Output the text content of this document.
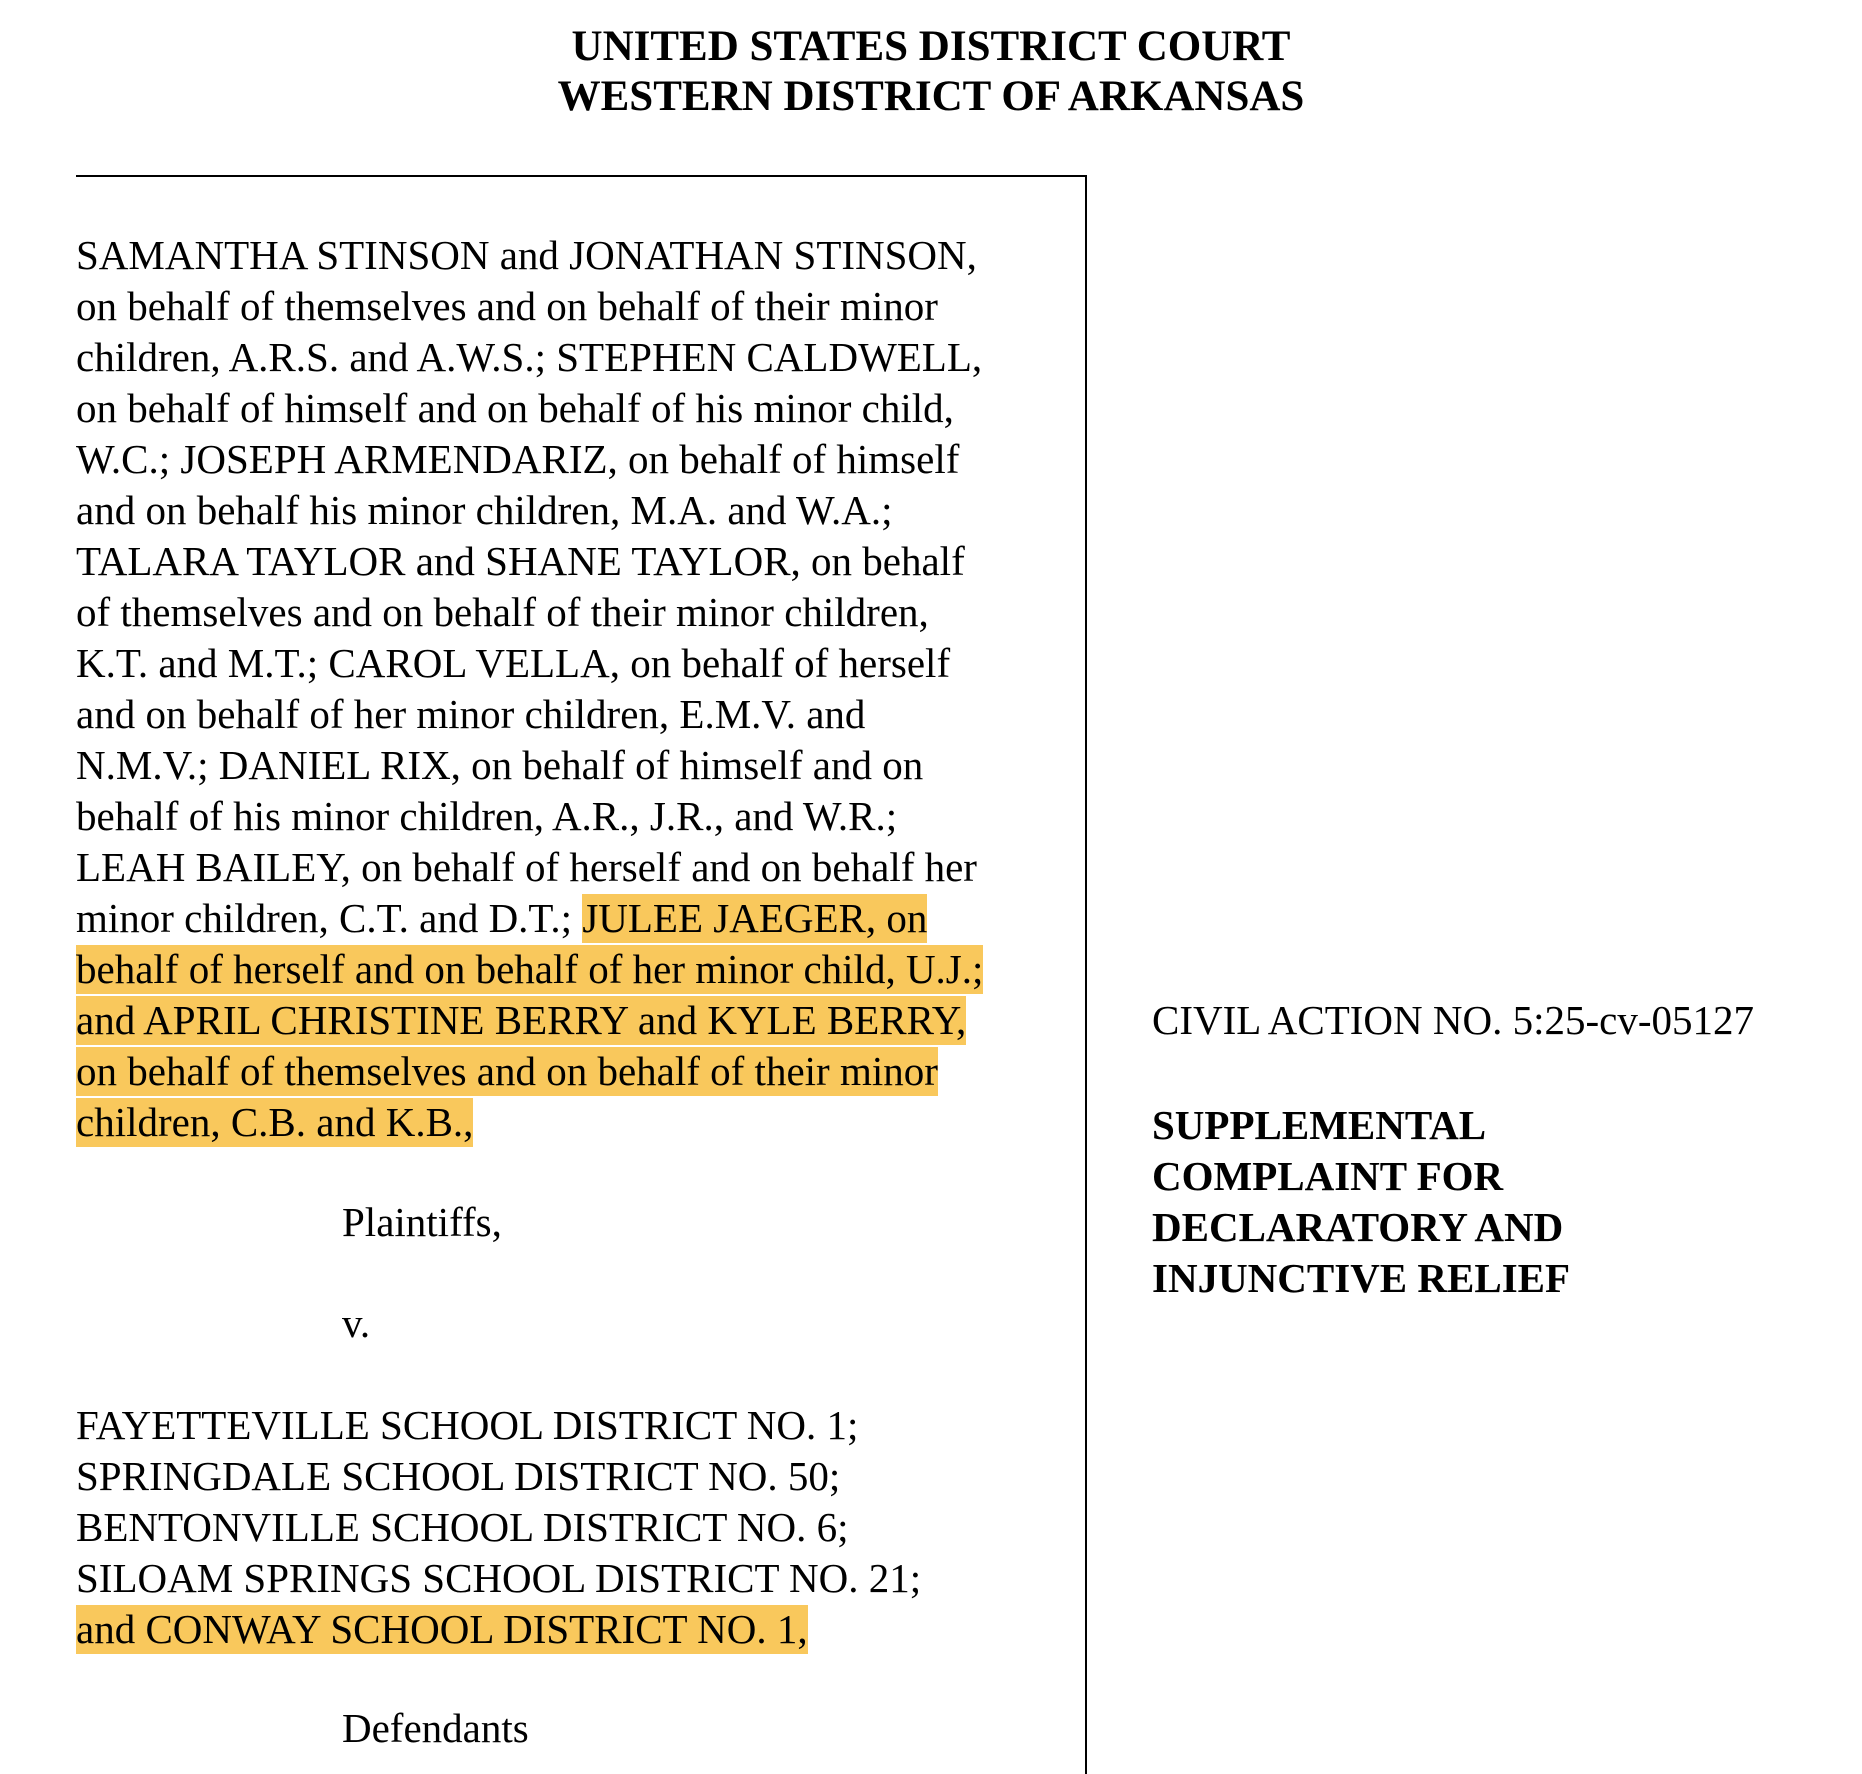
UNITED STATES DISTRICT COURT
WESTERN DISTRICT OF ARKANSAS
SAMANTHA STINSON and JONATHAN STINSON,
on behalf of themselves and on behalf of their minor
children, A.R.S. and A.W.S.; STEPHEN CALDWELL,
on behalf of himself and on behalf of his minor child,
W.C.; JOSEPH ARMENDARIZ, on behalf of himself
and on behalf his minor children, M.A. and W.A.;
TALARA TAYLOR and SHANE TAYLOR, on behalf
of themselves and on behalf of their minor children,
K.T. and M.T.; CAROL VELLA, on behalf of herself
and on behalf of her minor children, E.M.V. and
N.M.V.; DANIEL RIX, on behalf of himself and on
behalf of his minor children, A.R., J.R., and W.R.;
LEAH BAILEY, on behalf of herself and on behalf her
minor children, C.T. and D.T.; JULEE JAEGER, on
behalf of herself and on behalf of her minor child, U.J.;
and APRIL CHRISTINE BERRY and KYLE BERRY,
on behalf of themselves and on behalf of their minor
children, C.B. and K.B.,
Plaintiffs,
v.
FAYETTEVILLE SCHOOL DISTRICT NO. 1;
SPRINGDALE SCHOOL DISTRICT NO. 50;
BENTONVILLE SCHOOL DISTRICT NO. 6;
SILOAM SPRINGS SCHOOL DISTRICT NO. 21;
and CONWAY SCHOOL DISTRICT NO. 1,
Defendants
CIVIL ACTION NO. 5:25-cv-05127
SUPPLEMENTAL
COMPLAINT FOR
DECLARATORY AND
INJUNCTIVE RELIEF
